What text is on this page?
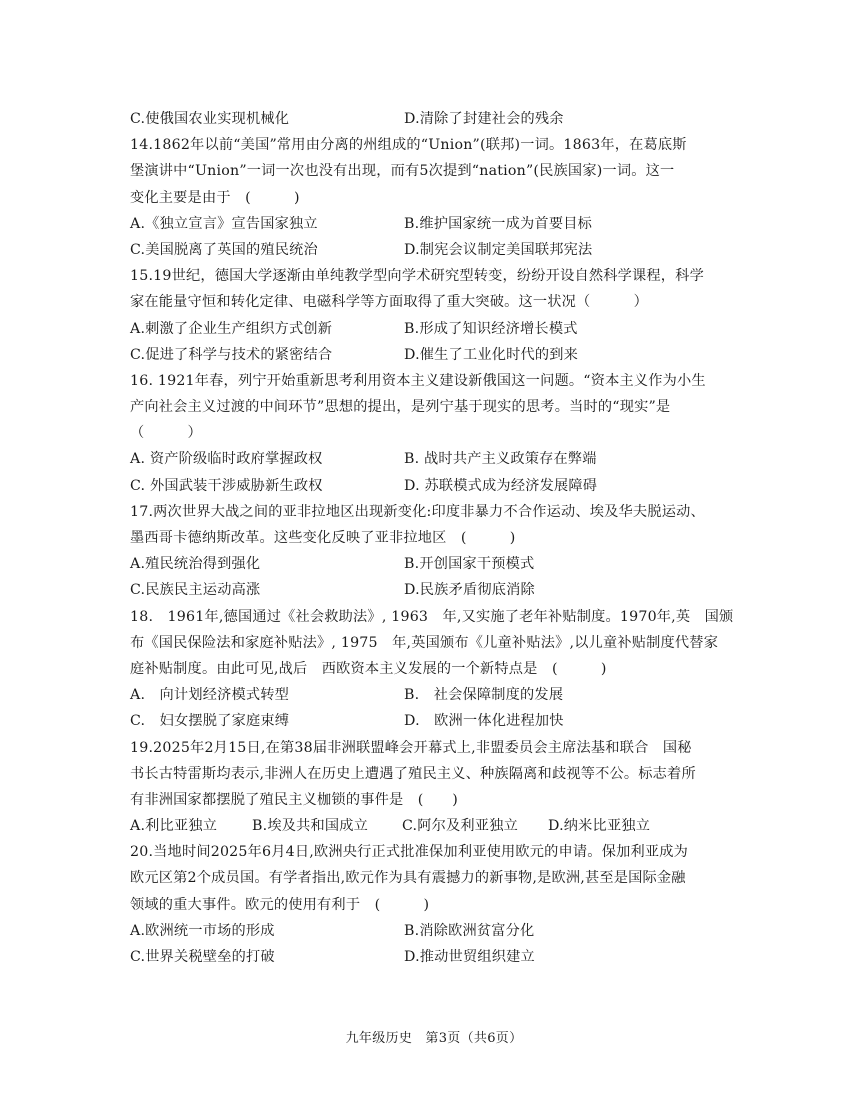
C.使俄国农业实现机械化	D.清除了封建社会的残余
14.1862年以前“美国”常用由分离的州组成的“Union”(联邦)一词。1863年，在葛底斯
堡演讲中“Union”一词一次也没有出现，而有5次提到“nation”(民族国家)一词。这一
变化主要是由于　(　　　)
A.《独立宣言》宣告国家独立	B.维护国家统一成为首要目标
C.美国脱离了英国的殖民统治	D.制宪会议制定美国联邦宪法
15.19世纪，德国大学逐渐由单纯教学型向学术研究型转变，纷纷开设自然科学课程，科学
家在能量守恒和转化定律、电磁科学等方面取得了重大突破。这一状况（　　　）
A.刺激了企业生产组织方式创新	B.形成了知识经济增长模式
C.促进了科学与技术的紧密结合	D.催生了工业化时代的到来
16. 1921年春，列宁开始重新思考利用资本主义建设新俄国这一问题。“资本主义作为小生
产向社会主义过渡的中间环节”思想的提出，是列宁基于现实的思考。当时的“现实”是
（　　　）
A. 资产阶级临时政府掌握政权	B. 战时共产主义政策存在弊端
C. 外国武装干涉威胁新生政权	D. 苏联模式成为经济发展障碍
17.两次世界大战之间的亚非拉地区出现新变化:印度非暴力不合作运动、埃及华夫脱运动、
墨西哥卡德纳斯改革。这些变化反映了亚非拉地区　(　　　)
A.殖民统治得到强化	B.开创国家干预模式
C.民族民主运动高涨	D.民族矛盾彻底消除
18.　1961年,德国通过《社会救助法》, 1963　年,又实施了老年补贴制度。1970年,英　国颁
布《国民保险法和家庭补贴法》, 1975　年,英国颁布《儿童补贴法》,以儿童补贴制度代替家
庭补贴制度。由此可见,战后　西欧资本主义发展的一个新特点是　(　　　)
A.　向计划经济模式转型	B.　社会保障制度的发展
C.　妇女摆脱了家庭束缚	D.　欧洲一体化进程加快
19.2025年2月15日,在第38届非洲联盟峰会开幕式上,非盟委员会主席法基和联合　国秘
书长古特雷斯均表示,非洲人在历史上遭遇了殖民主义、种族隔离和歧视等不公。标志着所
有非洲国家都摆脱了殖民主义枷锁的事件是　(　　)
A.利比亚独立	B.埃及共和国成立	C.阿尔及利亚独立	D.纳米比亚独立
20.当地时间2025年6月4日,欧洲央行正式批准保加利亚使用欧元的申请。保加利亚成为
欧元区第2个成员国。有学者指出,欧元作为具有震撼力的新事物,是欧洲,甚至是国际金融
领域的重大事件。欧元的使用有利于　(　　　)
A.欧洲统一市场的形成	B.消除欧洲贫富分化
C.世界关税壁垒的打破	D.推动世贸组织建立
九年级历史　第3页（共6页）
